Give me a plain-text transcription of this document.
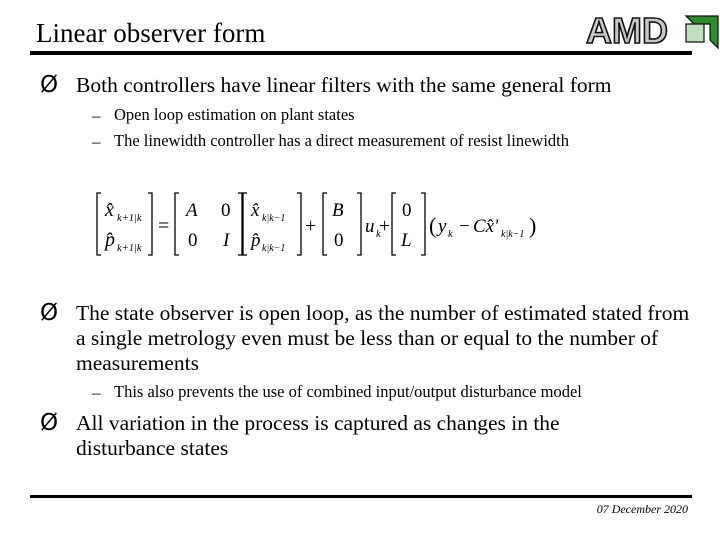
Linear observer form	AMD
Ø Both controllers have linear filters with the same general form
– Open loop estimation on plant states
– The linewidth controller has a direct measurement of resist linewidth
x̂ k+1|k
p̂ k+1|k
=
A 0
0 I
x̂ k|k−1
p̂ k|k−1
+
B
0
u k
+
0
L
( y k − Cx̂' k|k−1 )
Ø The state observer is open loop, as the number of estimated stated from a single metrology even must be less than or equal to the number of measurements
– This also prevents the use of combined input/output disturbance model
Ø All variation in the process is captured as changes in the disturbance states
07 December 2020
